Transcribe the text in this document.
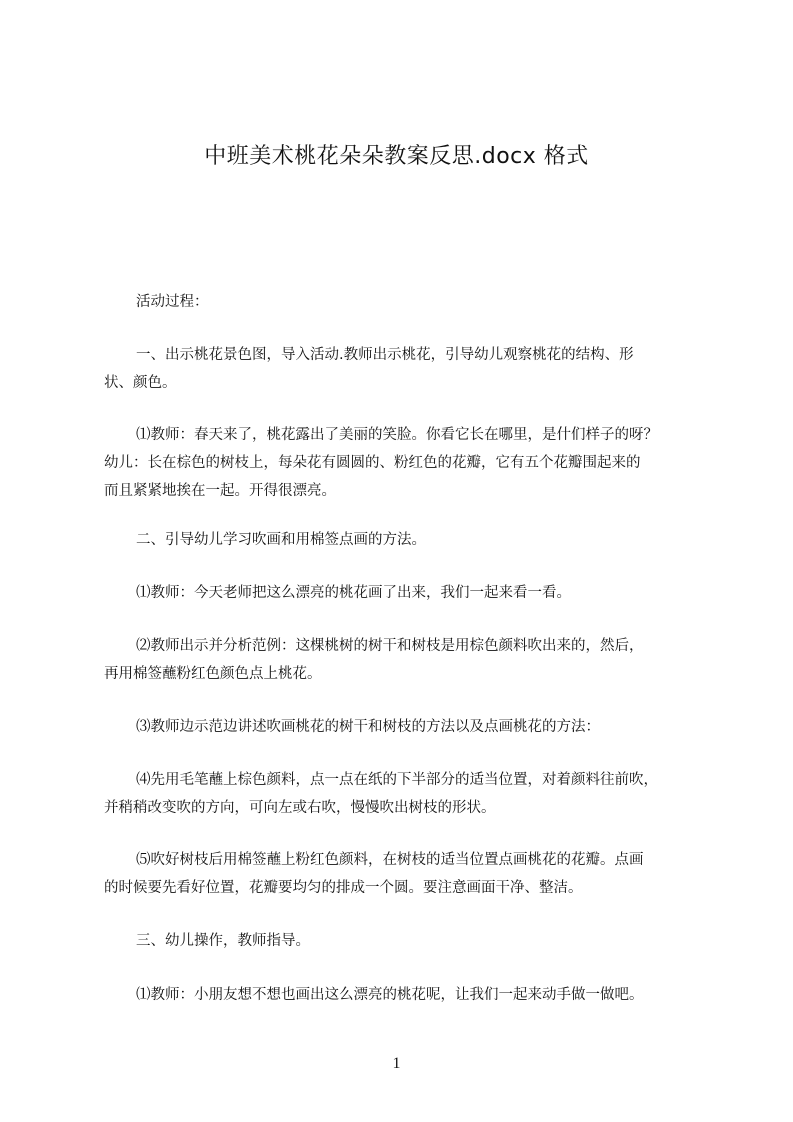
中班美术桃花朵朵教案反思.docx 格式
活动过程：
一、出示桃花景色图，导入活动.教师出示桃花，引导幼儿观察桃花的结构、形
状、颜色。
⑴教师：春天来了，桃花露出了美丽的笑脸。你看它长在哪里，是什们样子的呀？
幼儿：长在棕色的树枝上，每朵花有圆圆的、粉红色的花瓣，它有五个花瓣围起来的
而且紧紧地挨在一起。开得很漂亮。
二、引导幼儿学习吹画和用棉签点画的方法。
⑴教师：今天老师把这么漂亮的桃花画了出来，我们一起来看一看。
⑵教师出示并分析范例：这棵桃树的树干和树枝是用棕色颜料吹出来的，然后，
再用棉签蘸粉红色颜色点上桃花。
⑶教师边示范边讲述吹画桃花的树干和树枝的方法以及点画桃花的方法：
⑷先用毛笔蘸上棕色颜料，点一点在纸的下半部分的适当位置，对着颜料往前吹，
并稍稍改变吹的方向，可向左或右吹，慢慢吹出树枝的形状。
⑸吹好树枝后用棉签蘸上粉红色颜料，在树枝的适当位置点画桃花的花瓣。点画
的时候要先看好位置，花瓣要均匀的排成一个圆。要注意画面干净、整洁。
三、幼儿操作，教师指导。
⑴教师：小朋友想不想也画出这么漂亮的桃花呢，让我们一起来动手做一做吧。
1
